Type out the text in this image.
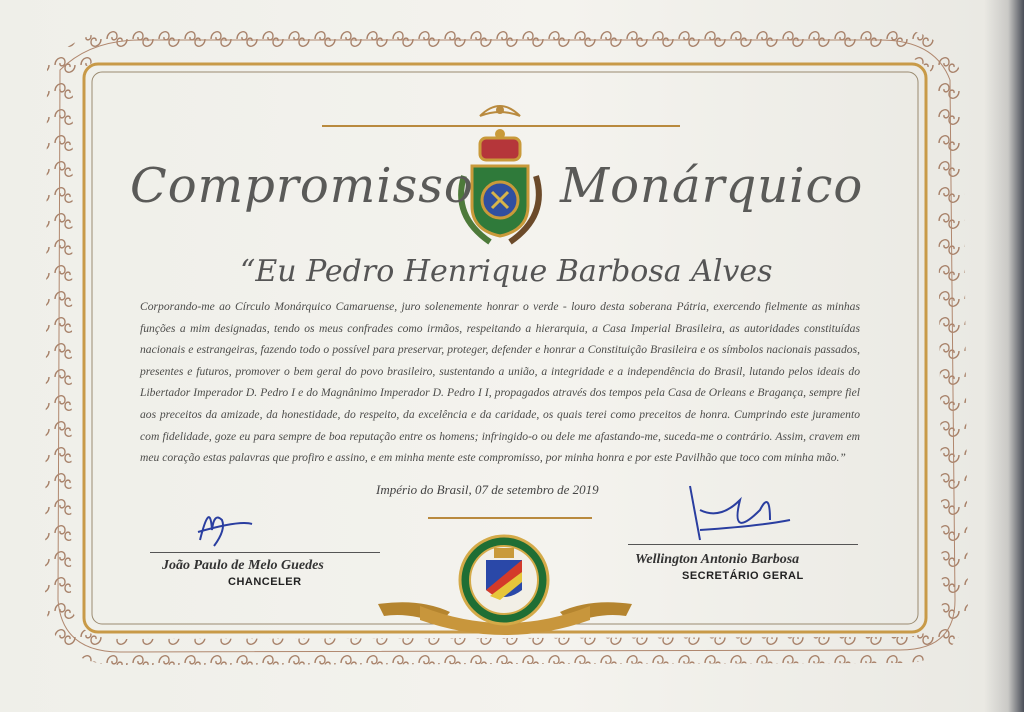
Compromisso Monárquico
“Eu Pedro Henrique Barbosa Alves
Corporando-me ao Círculo Monárquico Camaruense, juro solenemente honrar o verde - louro desta soberana Pátria, exercendo fielmente as minhas funções a mim designadas, tendo os meus confrades como irmãos, respeitando a hierarquia, a Casa Imperial Brasileira, as autoridades constituídas nacionais e estrangeiras, fazendo todo o possível para preservar, proteger, defender e honrar a Constituição Brasileira e os símbolos nacionais passados, presentes e futuros, promover o bem geral do povo brasileiro, sustentando a união, a integridade e a independência do Brasil, lutando pelos ideais do Libertador Imperador D. Pedro I e do Magnânimo Imperador D. Pedro I I, propagados através dos tempos pela Casa de Orleans e Bragança, sempre fiel aos preceitos da amizade, da honestidade, do respeito, da excelência e da caridade, os quais terei como preceitos de honra. Cumprindo este juramento com fidelidade, goze eu para sempre de boa reputação entre os homens; infringido-o ou dele me afastando-me, suceda-me o contrário. Assim, cravem em meu coração estas palavras que profiro e assino, e em minha mente este compromisso, por minha honra e por este Pavilhão que toco com minha mão.”
Império do Brasil, 07 de setembro de 2019
João Paulo de Melo Guedes
CHANCELER
Wellington Antonio Barbosa
SECRETÁRIO GERAL
